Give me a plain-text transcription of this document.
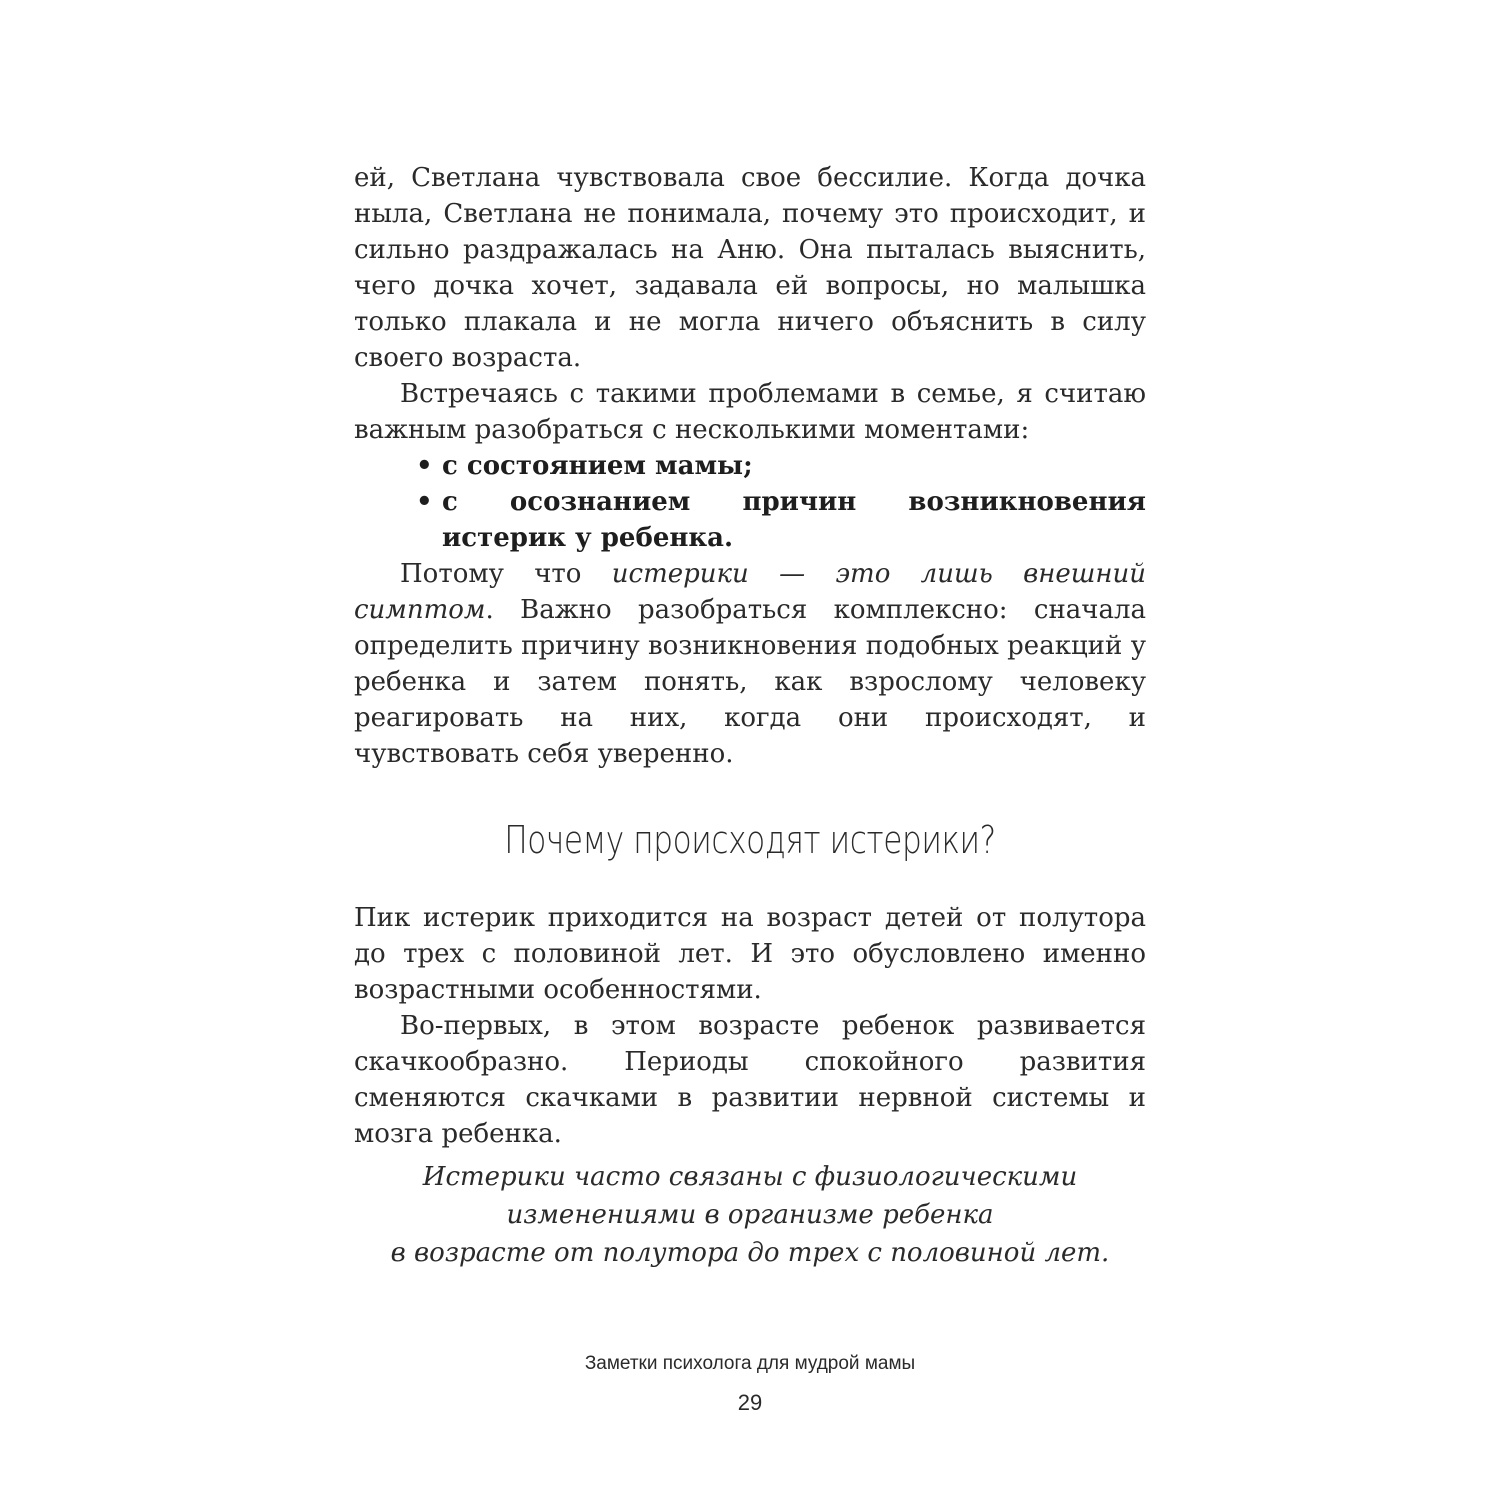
ей, Светлана чувствовала свое бессилие. Когда дочка ныла, Светлана не понимала, почему это происходит, и сильно раздражалась на Аню. Она пыталась выяснить, чего дочка хочет, задавала ей вопросы, но малышка только плакала и не могла ничего объяснить в силу своего возраста.

Встречаясь с такими проблемами в семье, я считаю важным разобраться с несколькими моментами:

• с состоянием мамы;
• с осознанием причин возникновения истерик у ребенка.

Потому что истерики — это лишь внешний симптом. Важно разобраться комплексно: сначала определить причину возникновения подобных реакций у ребенка и затем понять, как взрослому человеку реагировать на них, когда они происходят, и чувствовать себя уверенно.

Почему происходят истерики?

Пик истерик приходится на возраст детей от полутора до трех с половиной лет. И это обусловлено именно возрастными особенностями.

Во-первых, в этом возрасте ребенок развивается скачкообразно. Периоды спокойного развития сменяются скачками в развитии нервной системы и мозга ребенка.

Истерики часто связаны с физиологическими
изменениями в организме ребенка
в возрасте от полутора до трех с половиной лет.
Заметки психолога для мудрой мамы
29
